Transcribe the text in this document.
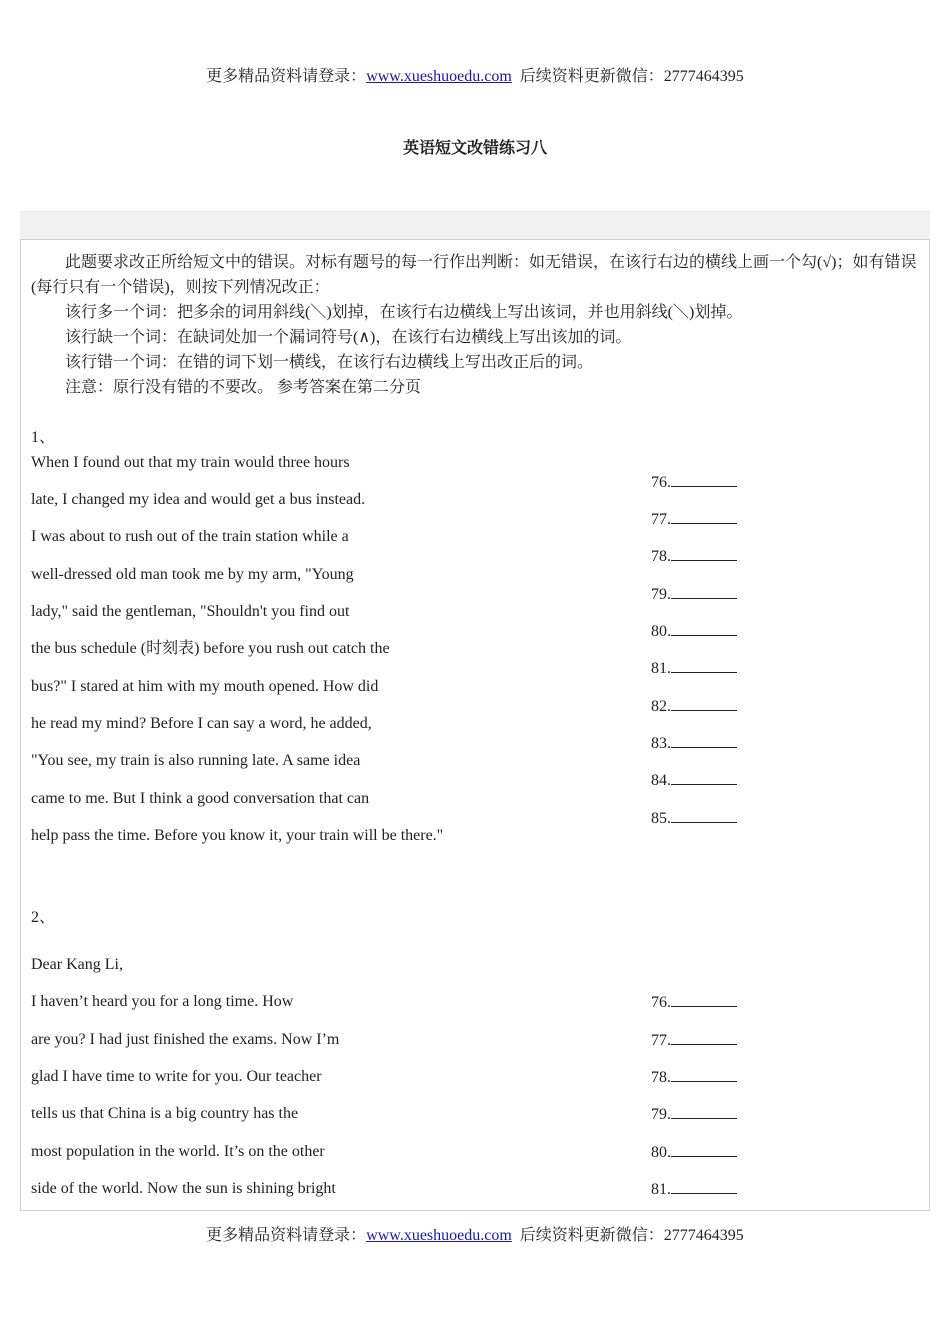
更多精品资料请登录：www.xueshuoedu.com 后续资料更新微信：2777464395
英语短文改错练习八

此题要求改正所给短文中的错误。对标有题号的每一行作出判断：如无错误，在该行右边的横线上画一个勾(√)；如有错误(每行只有一个错误)，则按下列情况改正：

该行多一个词：把多余的词用斜线(＼)划掉，在该行右边横线上写出该词，并也用斜线(＼)划掉。

该行缺一个词：在缺词处加一个漏词符号(∧)，在该行右边横线上写出该加的词。

该行错一个词：在错的词下划一横线，在该行右边横线上写出改正后的词。

注意：原行没有错的不要改。 参考答案在第二分页

1、
When I found out that my train would three hours
late, I changed my idea and would get a bus instead.
I was about to rush out of the train station while a
well-dressed old man took me by my arm, "Young
lady," said the gentleman, "Shouldn't you find out
the bus schedule (时刻表) before you rush out catch the
bus?" I stared at him with my mouth opened. How did
he read my mind? Before I can say a word, he added,
"You see, my train is also running late. A same idea
came to me. But I think a good conversation that can
help pass the time. Before you know it, your train will be there."
76.
77.
78.
79.
80.
81.
82.
83.
84.
85.
2、
Dear Kang Li,
I haven’t heard you for a long time. How
are you? I had just finished the exams. Now I’m
glad I have time to write for you. Our teacher
tells us that China is a big country has the
most population in the world. It’s on the other
side of the world. Now the sun is shining bright
76.
77.
78.
79.
80.
81.
更多精品资料请登录：www.xueshuoedu.com 后续资料更新微信：2777464395
